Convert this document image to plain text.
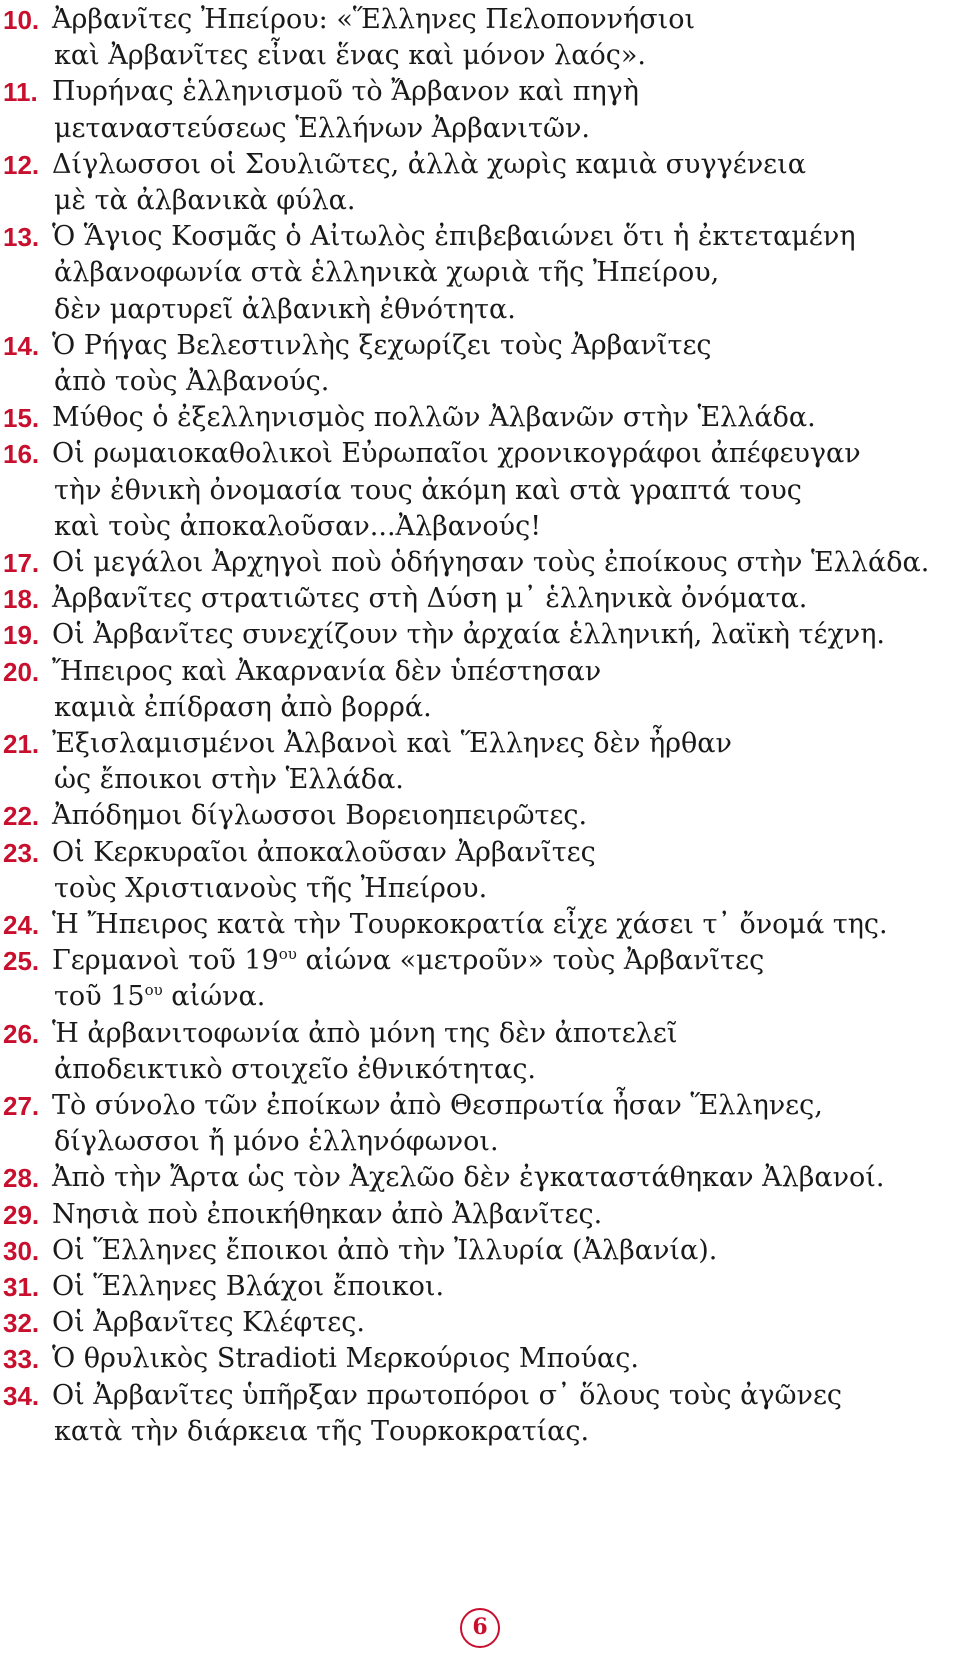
1. 10. Ἀρβανῖτες Ἠπείρου: «Ἕλληνες Πελοποννήσιοι
καὶ Ἀρβανῖτες εἶναι ἕνας καὶ μόνον λαός».
2. 11. Πυρήνας ἑλληνισμοῦ τὸ Ἄρβανον καὶ πηγὴ
μεταναστεύσεως Ἑλλήνων Ἀρβανιτῶν.
3. 12. Δίγλωσσοι οἱ Σουλιῶτες, ἀλλὰ χωρὶς καμιὰ συγγένεια
μὲ τὰ ἀλβανικὰ φύλα.
4. 13. Ὁ Ἅγιος Κοσμᾶς ὁ Αἰτωλὸς ἐπιβεβαιώνει ὅτι ἡ ἐκτεταμένη
ἀλβανοφωνία στὰ ἑλληνικὰ χωριὰ τῆς Ἠπείρου,
δὲν μαρτυρεῖ ἀλβανικὴ ἐθνότητα.
5. 14. Ὁ Ρήγας Βελεστινλὴς ξεχωρίζει τοὺς Ἀρβανῖτες
ἀπὸ τοὺς Ἀλβανούς.
6. 15. Μύθος ὁ ἐξελληνισμὸς πολλῶν Ἀλβανῶν στὴν Ἑλλάδα.
7. 16. Οἱ ρωμαιοκαθολικοὶ Εὐρωπαῖοι χρονικογράφοι ἀπέφευγαν
τὴν ἐθνικὴ ὀνομασία τους ἀκόμη καὶ στὰ γραπτά τους
καὶ τοὺς ἀποκαλοῦσαν...Ἀλβανούς!
8. 17. Οἱ μεγάλοι Ἀρχηγοὶ ποὺ ὁδήγησαν τοὺς ἐποίκους στὴν Ἑλλάδα.
9. 18. Ἀρβανῖτες στρατιῶτες στὴ Δύση μ᾽ ἑλληνικὰ ὀνόματα.
10. 19. Οἱ Ἀρβανῖτες συνεχίζουν τὴν ἀρχαία ἑλληνική, λαϊκὴ τέχνη.
11. 20. Ἤπειρος καὶ Ἀκαρνανία δὲν ὑπέστησαν
καμιὰ ἐπίδραση ἀπὸ βορρά.
12. 21. Ἐξισλαμισμένοι Ἀλβανοὶ καὶ Ἕλληνες δὲν ἦρθαν
ὡς ἔποικοι στὴν Ἑλλάδα.
13. 22. Ἀπόδημοι δίγλωσσοι Βορειοηπειρῶτες.
14. 23. Οἱ Κερκυραῖοι ἀποκαλοῦσαν Ἀρβανῖτες
τοὺς Χριστιανοὺς τῆς Ἠπείρου.
15. 24. Ἡ Ἤπειρος κατὰ τὴν Τουρκοκρατία εἶχε χάσει τ᾽ ὄνομά της.
16. 25. Γερμανοὶ τοῦ $19^{o\upsilon}$ αἰώνα «μετροῦν» τοὺς Ἀρβανῖτες
τοῦ $15^{o\upsilon}$ αἰώνα.
17. 26. Ἡ ἀρβανιτοφωνία ἀπὸ μόνη της δὲν ἀποτελεῖ
ἀποδεικτικὸ στοιχεῖο ἐθνικότητας.
18. 27. Τὸ σύνολο τῶν ἐποίκων ἀπὸ Θεσπρωτία ἦσαν Ἕλληνες,
δίγλωσσοι ἤ μόνο ἑλληνόφωνοι.
19. 28. Ἀπὸ τὴν Ἄρτα ὡς τὸν Ἀχελῶο δὲν ἐγκαταστάθηκαν Ἀλβανοί.
20. 29. Νησιὰ ποὺ ἐποικήθηκαν ἀπὸ Ἀλβανῖτες.
21. 30. Οἱ Ἕλληνες ἔποικοι ἀπὸ τὴν Ἰλλυρία (Ἀλβανία).
22. 31. Οἱ Ἕλληνες Βλάχοι ἔποικοι.
23. 32. Οἱ Ἀρβανῖτες Κλέφτες.
24. 33. Ὁ θρυλικὸς Stradioti Μερκούριος Μπούας.
25. 34. Οἱ Ἀρβανῖτες ὑπῆρξαν πρωτοπόροι σ᾽ ὅλους τοὺς ἀγῶνες
κατὰ τὴν διάρκεια τῆς Τουρκοκρατίας.
6
